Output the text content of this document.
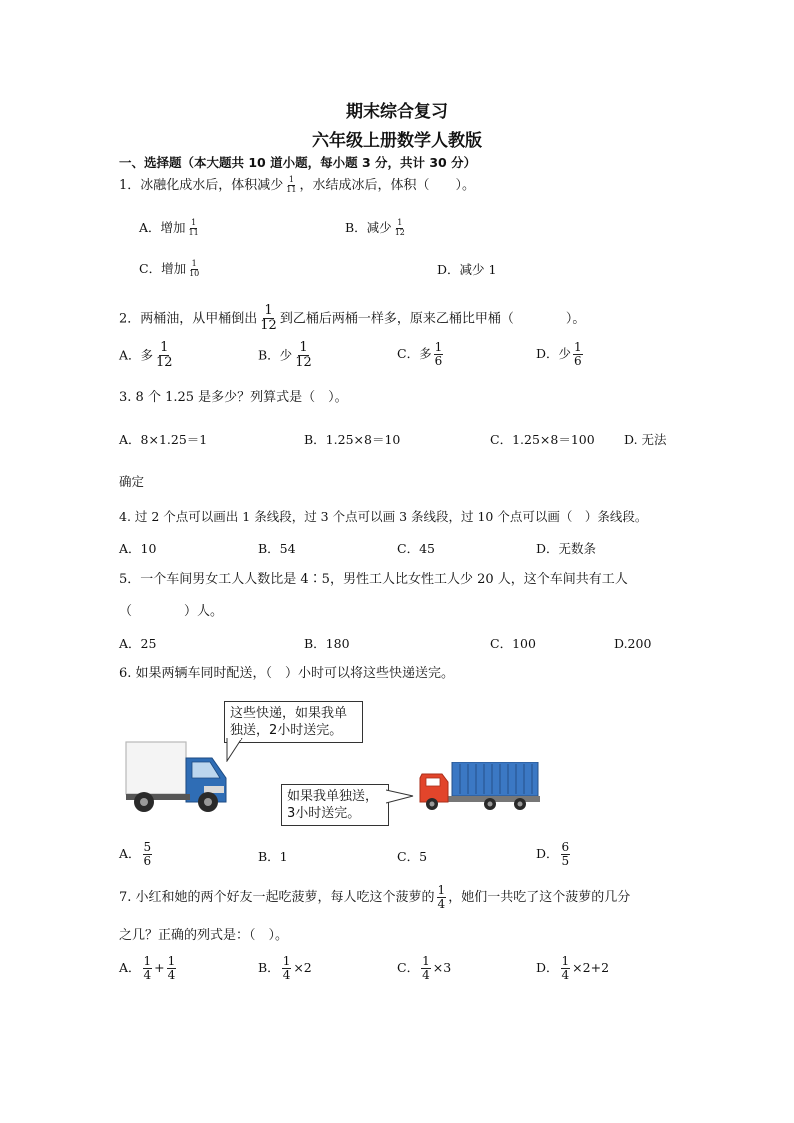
期末综合复习
六年级上册数学人教版
一、选择题（本大题共 10 道小题，每小题 3 分，共计 30 分）
1．冰融化成水后，体积减少 $\frac{1}{11}$ ，水结成冰后，体积（　　）。
A．增加 $\frac{1}{11}$	B．减少 $\frac{1}{12}$
C．增加 $\frac{1}{10}$	D．减少 1
2．两桶油，从甲桶倒出 $\frac{1}{12}$ 到乙桶后两桶一样多，原来乙桶比甲桶（　　　　）。
A．多 $\frac{1}{12}$	B．少 $\frac{1}{12}$	C．多 $\frac{1}{6}$	D．少 $\frac{1}{6}$
3. 8 个 1.25 是多少？列算式是（　）。
A．8×1.25＝1	B．1.25×8＝10	C．1.25×8＝100 D. 无法
确定
4. 过 2 个点可以画出 1 条线段，过 3 个点可以画 3 条线段，过 10 个点可以画（　）条线段。
A．10	B．54	C．45	D．无数条
5．一个车间男女工人人数比是 4∶5，男性工人比女性工人少 20 人，这个车间共有工人
（　　　　）人。
A．25	B．180	C．100	D.200
6. 如果两辆车同时配送，（　）小时可以将这些快递送完。
这些快递，如果我单
独送，2小时送完。
如果我单独送，
3小时送完。
A． $\frac{5}{6}$	B．1	C．5	D． $\frac{6}{5}$
7. 小红和她的两个好友一起吃菠萝，每人吃这个菠萝的 $\frac{1}{4}$ ，她们一共吃了这个菠萝的几分
之几？正确的列式是：（　）。
A． $\frac{1}{4} + \frac{1}{4}$	B． $\frac{1}{4} \times 2$	C． $\frac{1}{4} \times 3$	D． $\frac{1}{4} \times 2+2$
